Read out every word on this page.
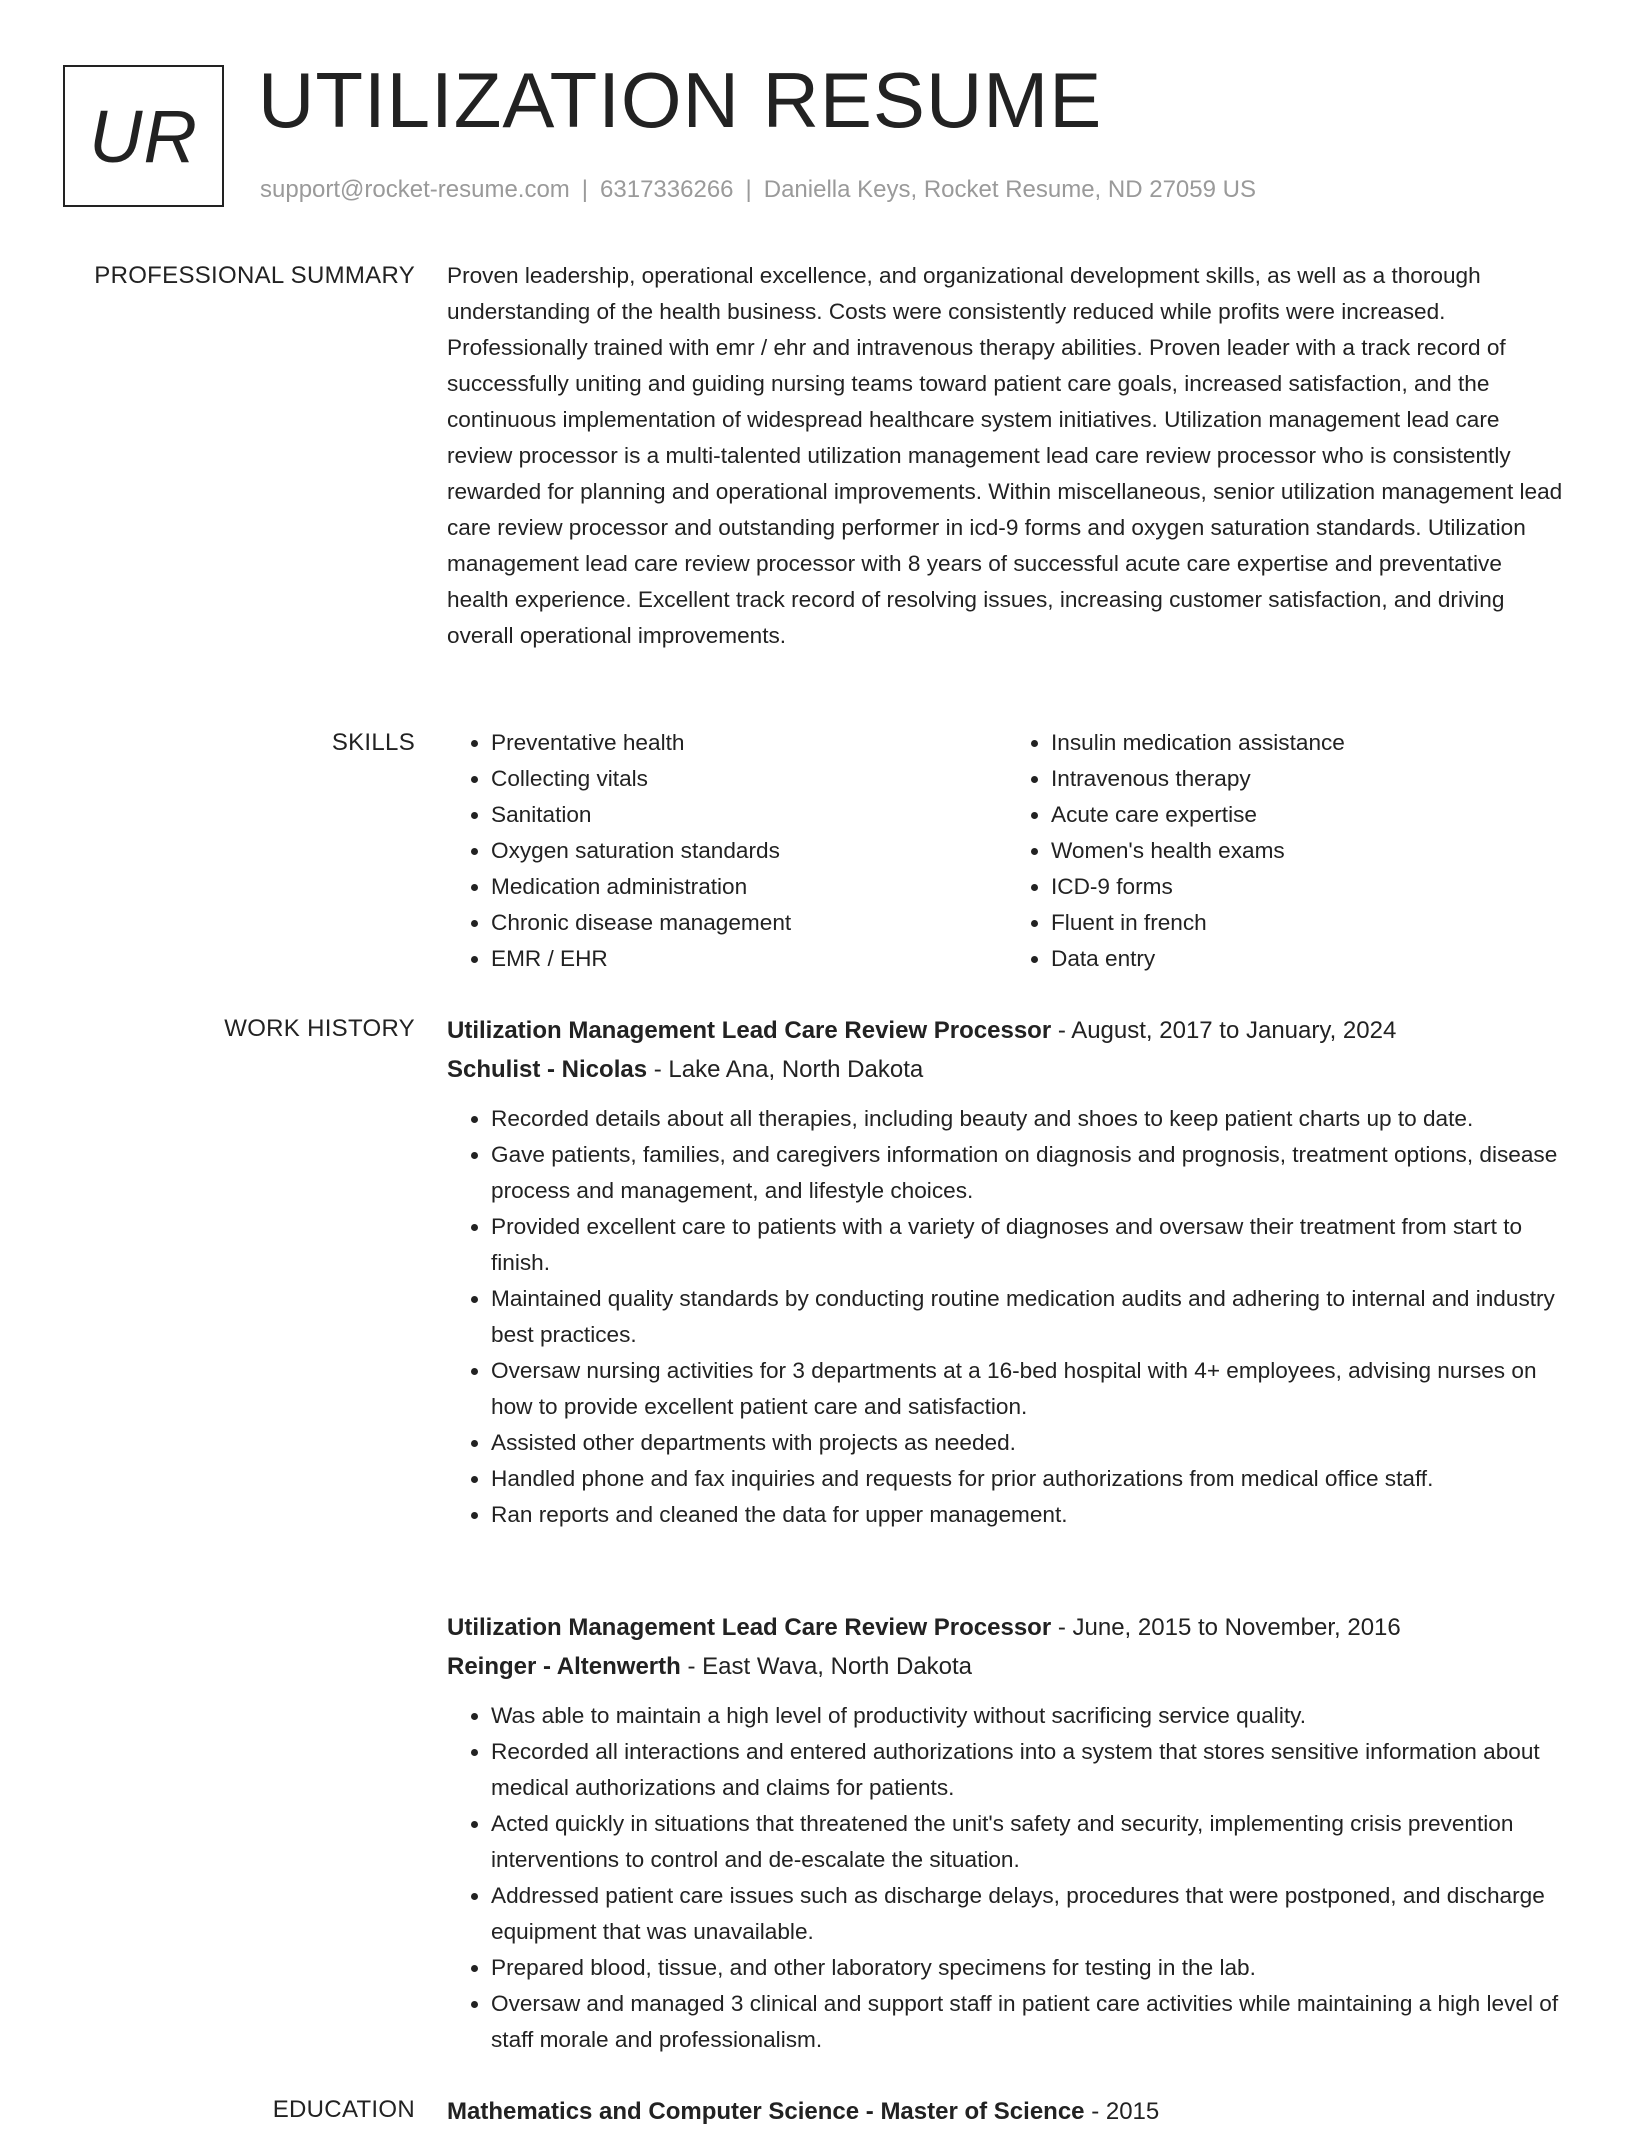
UR UTILIZATION RESUME
support@rocket-resume.com | 6317336266 | Daniella Keys, Rocket Resume, ND 27059 US
PROFESSIONAL SUMMARY Proven leadership, operational excellence, and organizational development skills, as well as a thorough understanding of the health business. Costs were consistently reduced while profits were increased. Professionally trained with emr / ehr and intravenous therapy abilities. Proven leader with a track record of successfully uniting and guiding nursing teams toward patient care goals, increased satisfaction, and the continuous implementation of widespread healthcare system initiatives. Utilization management lead care review processor is a multi-talented utilization management lead care review processor who is consistently rewarded for planning and operational improvements. Within miscellaneous, senior utilization management lead care review processor and outstanding performer in icd-9 forms and oxygen saturation standards. Utilization management lead care review processor with 8 years of successful acute care expertise and preventative health experience. Excellent track record of resolving issues, increasing customer satisfaction, and driving overall operational improvements.

SKILLS
•	Preventative health
• Collecting vitals
• Sanitation
• Oxygen saturation standards
• Medication administration
• Chronic disease management
• EMR / EHR
• Insulin medication assistance
• Intravenous therapy
• Acute care expertise
• Women's health exams
• ICD-9 forms
• Fluent in french
• Data entry
WORK HISTORY Utilization Management Lead Care Review Processor - August, 2017 to January, 2024
Schulist - Nicolas - Lake Ana, North Dakota
• Recorded details about all therapies, including beauty and shoes to keep patient charts up to date.
• Gave patients, families, and caregivers information on diagnosis and prognosis, treatment options, disease process and management, and lifestyle choices.
• Provided excellent care to patients with a variety of diagnoses and oversaw their treatment from start to finish.
• Maintained quality standards by conducting routine medication audits and adhering to internal and industry best practices.
• Oversaw nursing activities for 3 departments at a 16-bed hospital with 4+ employees, advising nurses on how to provide excellent patient care and satisfaction.
• Assisted other departments with projects as needed.
• Handled phone and fax inquiries and requests for prior authorizations from medical office staff.
• Ran reports and cleaned the data for upper management.
Utilization Management Lead Care Review Processor - June, 2015 to November, 2016
Reinger - Altenwerth - East Wava, North Dakota
• Was able to maintain a high level of productivity without sacrificing service quality.
• Recorded all interactions and entered authorizations into a system that stores sensitive information about medical authorizations and claims for patients.
• Acted quickly in situations that threatened the unit's safety and security, implementing crisis prevention interventions to control and de-escalate the situation.
• Addressed patient care issues such as discharge delays, procedures that were postponed, and discharge equipment that was unavailable.
• Prepared blood, tissue, and other laboratory specimens for testing in the lab.
• Oversaw and managed 3 clinical and support staff in patient care activities while maintaining a high level of staff morale and professionalism.
EDUCATION Mathematics and Computer Science - Master of Science - 2015
